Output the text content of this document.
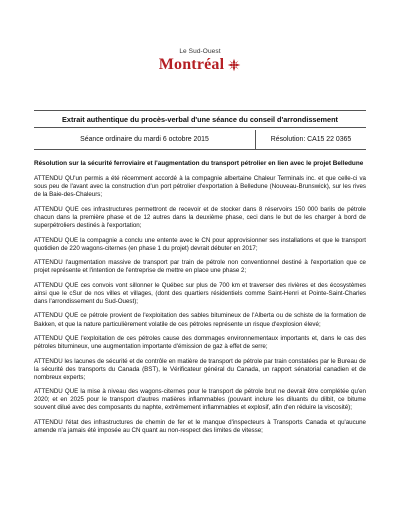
Le Sud-Ouest
Montréal
Extrait authentique du procès-verbal d'une séance du conseil d'arrondissement
Séance ordinaire du mardi 6 octobre 2015	Résolution: CA15 22 0365

Résolution sur la sécurité ferroviaire et l'augmentation du transport pétrolier en lien avec le projet Belledune

ATTENDU QU'un permis a été récemment accordé à la compagnie albertaine Chaleur Terminals inc. et que celle-ci va sous peu de l'avant avec la construction d'un port pétrolier d'exportation à Belledune (Nouveau-Brunswick), sur les rives de la Baie-des-Chaleurs;

ATTENDU QUE ces infrastructures permettront de recevoir et de stocker dans 8 réservoirs 150 000 barils de pétrole chacun dans la première phase et de 12 autres dans la deuxième phase, ceci dans le but de les charger à bord de superpétroliers destinés à l'exportation;

ATTENDU QUE la compagnie a conclu une entente avec le CN pour approvisionner ses installations et que le transport quotidien de 220 wagons-citernes (en phase 1 du projet) devrait débuter en 2017;

ATTENDU l'augmentation massive de transport par train de pétrole non conventionnel destiné à l'exportation que ce projet représente et l'intention de l'entreprise de mettre en place une phase 2;

ATTENDU QUE ces convois vont sillonner le Québec sur plus de 700 km et traverser des rivières et des écosystèmes ainsi que le cSur de nos villes et villages, (dont des quartiers résidentiels comme Saint-Henri et Pointe-Saint-Charles dans l'arrondissement du Sud-Ouest);

ATTENDU QUE ce pétrole provient de l'exploitation des sables bitumineux de l'Alberta ou de schiste de la formation de Bakken, et que la nature particulièrement volatile de ces pétroles représente un risque d'explosion élevé;

ATTENDU QUE l'exploitation de ces pétroles cause des dommages environnementaux importants et, dans le cas des pétroles bitumineux, une augmentation importante d'émission de gaz à effet de serre;

ATTENDU les lacunes de sécurité et de contrôle en matière de transport de pétrole par train constatées par le Bureau de la sécurité des transports du Canada (BST), le Vérificateur général du Canada, un rapport sénatorial canadien et de nombreux experts;

ATTENDU QUE la mise à niveau des wagons-citernes pour le transport de pétrole brut ne devrait être complétée qu'en 2020; et en 2025 pour le transport d'autres matières inflammables (pouvant inclure les diluants du dilbit, ce bitume souvent dilué avec des composants du naphte, extrêmement inflammables et explosif, afin d'en réduire la viscosité);

ATTENDU l'état des infrastructures de chemin de fer et le manque d'inspecteurs à Transports Canada et qu'aucune amende n'a jamais été imposée au CN quant au non-respect des limites de vitesse;
